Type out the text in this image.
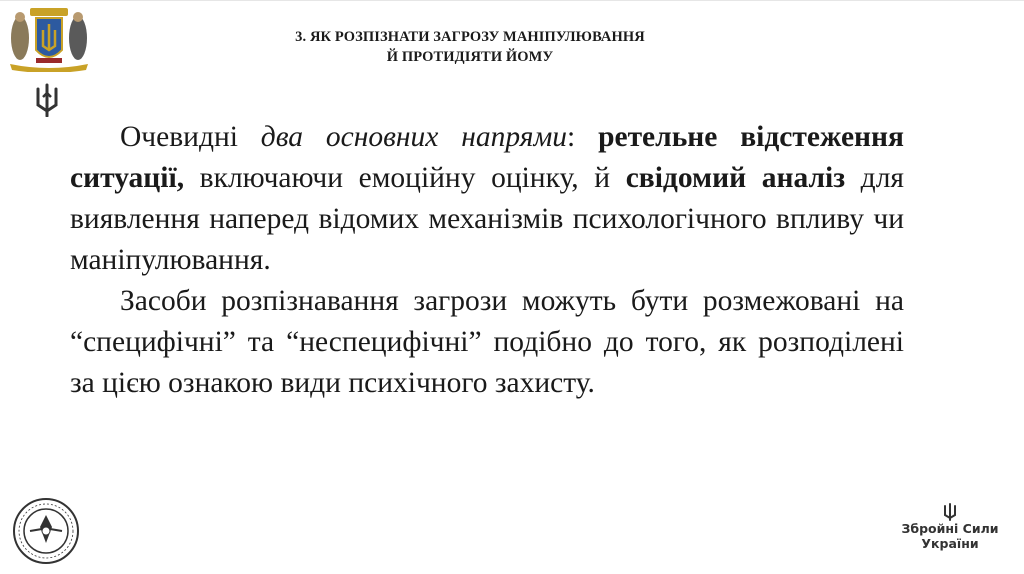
3. ЯК РОЗПІЗНАТИ ЗАГРОЗУ МАНІПУЛЮВАННЯ
Й ПРОТИДІЯТИ ЙОМУ

Очевидні два основних напрями: ретельне відстеження ситуації, включаючи емоційну оцінку, й свідомий аналіз для виявлення наперед відомих механізмів психологічного впливу чи маніпулювання.

Засоби розпізнавання загрози можуть бути розмежовані на “специфічні” та “неспецифічні” подібно до того, як розподілені за цією ознакою види психічного захисту.

Збройні Сили
України
